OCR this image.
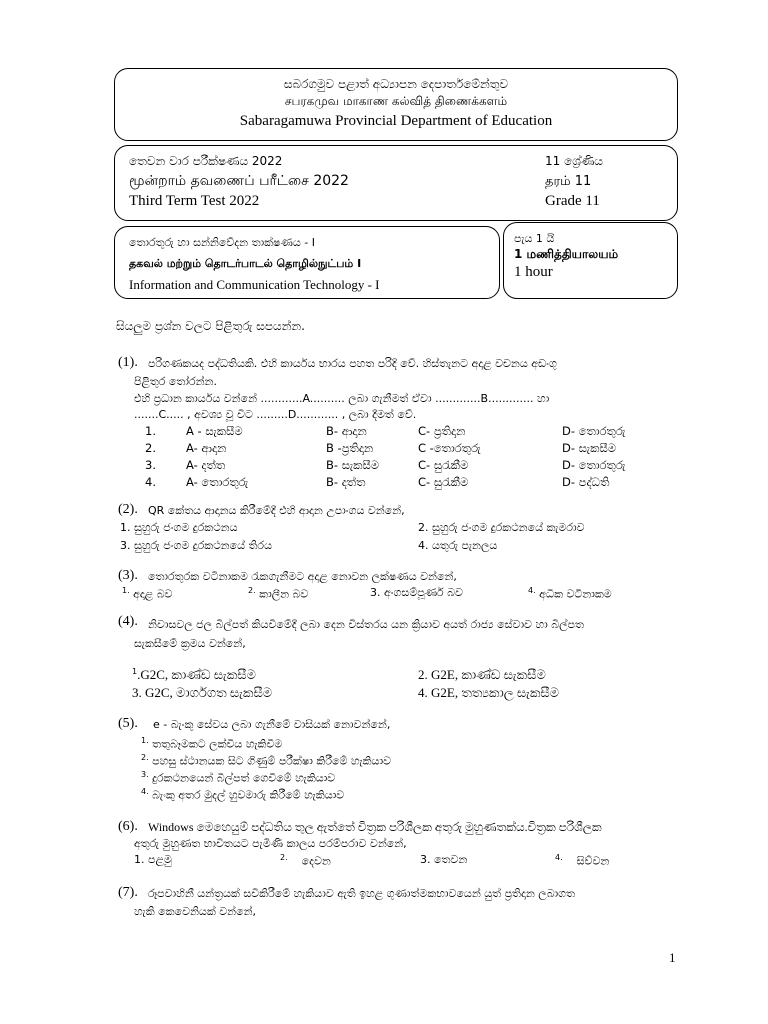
සබරගමුව පළාත් අධ්‍යාපන දෙපාර්තමේන්තුව
சபரகமுவ மாகாண கல்வித் திணைக்களம்
Sabaragamuwa Provincial Department of Education
තෙවන වාර පරීක්ෂණය 2022
மூன்றாம் தவணைப் பரீட்சை 2022
Third Term Test 2022
11 ශ්‍රේණිය
தரம் 11
Grade 11
තොරතුරු හා සන්නිවේදන තාක්ෂණය - I
தகவல் மற்றும் தொடர்பாடல் தொழில்நுட்பம் I
Information and Communication Technology - I
පැය 1 යි
1 மணித்தியாலயம்
1 hour
සියලුම ප්‍රශ්න වලට පිළිතුරු සපයන්න.
(1). පරිගණකයද පද්ධතියකි. එහි කාර්යය භාරය පහත පරිදි වේ. හිස්තැනට අදාළ වචනය අඩංගු
පිළිතුර තෝරන්න.
එහි ප්‍රධාන කාර්යය වන්නේ ............A.......... ලබා ගැනීමත් ඒවා .............B............. හා
.......C..... , අවශ්‍ය වූ විට .........D............ , ලබා දීමත් වේ.
1.	A - සැකසීම	B- ආදාන	C- ප්‍රතිදාන	D- තොරතුරු
2.	A- ආදාන	B -ප්‍රතිදාන	C -තොරතුරු	D- සැකසීම
3.	A- දත්ත	B- සැකසීම	C- සුරැකීම	D- තොරතුරු
4.	A- තොරතුරු	B- දත්ත	C- සුරැකීම	D- පද්ධති
(2). QR කේතය ආදානය කිරීමේදී එහි ආදාන උපාංගය වන්නේ,
1. සුහුරු ජංගම දුරකථනය	2. සුහුරු ජංගම දුරකථනයේ කැමරාව
3. සුහුරු ජංගම දුරකථනයේ තිරය	4. යතුරු පැනලය
(3). තොරතුරක වටිනාකම රැකගැනීමට අදාළ නොවන ලක්ෂණය වන්නේ,
$^{1.}$ අදාළ බව	$^{2.}$ කාලීන බව	3. අංගසම්පූර්ණ බව	$^{4.}$ අධික වටිනාකම
(4). නිවාසවල ජල බිල්පත් කියවීමේදී ලබා දෙන විස්තරය යන ක්‍රියාව අයත් රාජ්‍ය සේවාව හා බිල්පත
සැකසීමේ ක්‍රමය වන්නේ,
$^1$.G2C, කාණ්ඩ සැකසීම	2. G2E, කාණ්ඩ සැකසීම
3. G2C, මාර්ගගත සැකසීම	4. G2E, තත්‍යකාල සැකසීම
(5). e - බැංකු සේවය ලබා ගැනීමේ වාසියක් නොවන්නේ,
$^{1.}$ තතුබෑමකට ලක්විය හැකිවීම
$^{2.}$ පහසු ස්ථානයක සිට ගිණුම් පරීක්ෂා කිරීමේ හැකියාව
$^{3.}$ දුරකථනයෙන් බිල්පත් ගෙවීමේ හැකියාව
$^{4.}$ බැංකු අතර මුදල් හුවමාරු කිරීමේ හැකියාව
(6). Windows මෙහෙයුම් පද්ධතිය තුල ඇත්තේ චිත්‍රක පරිශීලක අතුරු මුහුණතක්ය.චිත්‍රක පරිශීලක
අතුරු මුහුණත භාවිතයට පැමිණි කාලය පරම්පරාව වන්නේ,
1. පළමු	$^{2.}$ දෙවන	3. තෙවන	$^{4.}$ සිව්වන
(7). රූපවාහිනී යන්ත්‍රයක් සවිකිරීමේ හැකියාව ඇති ඉහළ ගුණාත්මකභාවයෙන් යුත් ප්‍රතිදාන ලබාගත
හැකි කෙවෙනියක් වන්නේ,
1
